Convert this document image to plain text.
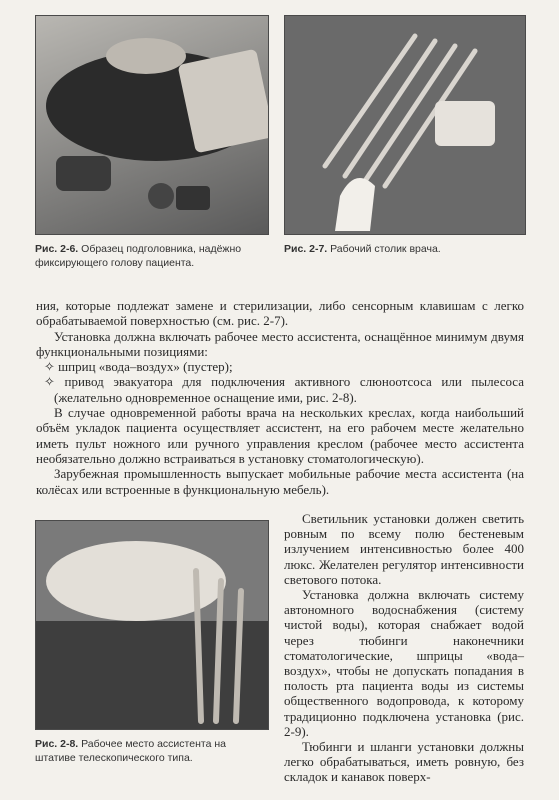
Рис. 2-6. Образец подголовника, надёжно фиксирующего голову пациента.
Рис. 2-7. Рабочий столик врача.

ния, которые подлежат замене и стерилизации, либо сенсорным клавишам с легко обрабатываемой поверхностью (см. рис. 2-7).

Установка должна включать рабочее место ассистента, оснащённое минимум двумя функциональными позициями:

✧ шприц «вода–воздух» (пустер);

✧ привод эвакуатора для подключения активного слюноотсоса или пылесоса (желательно одновременное оснащение ими, рис. 2-8).

В случае одновременной работы врача на нескольких креслах, когда наибольший объём укладок пациента осуществляет ассистент, на его рабочем месте желательно иметь пульт ножного или ручного управления креслом (рабочее место ассистента необязательно должно встраиваться в установку стоматологическую).

Зарубежная промышленность выпускает мобильные рабочие места ассистента (на колёсах или встроенные в функциональную мебель).

Рис. 2-8. Рабочее место ассистента на штативе телескопического типа.

Светильник установки должен светить ровным по всему полю бестеневым излучением интенсивностью более 400 люкс. Желателен регулятор интенсивности светового потока.

Установка должна включать систему автономного водоснабжения (систему чистой воды), которая снабжает водой через тюбинги наконечники стоматологические, шприцы «вода–воздух», чтобы не допускать попадания в полость рта пациента воды из системы общественного водопровода, к которому традиционно подключена установка (рис. 2-9).

Тюбинги и шланги установки должны легко обрабатываться, иметь ровную, без складок и канавок поверх-
